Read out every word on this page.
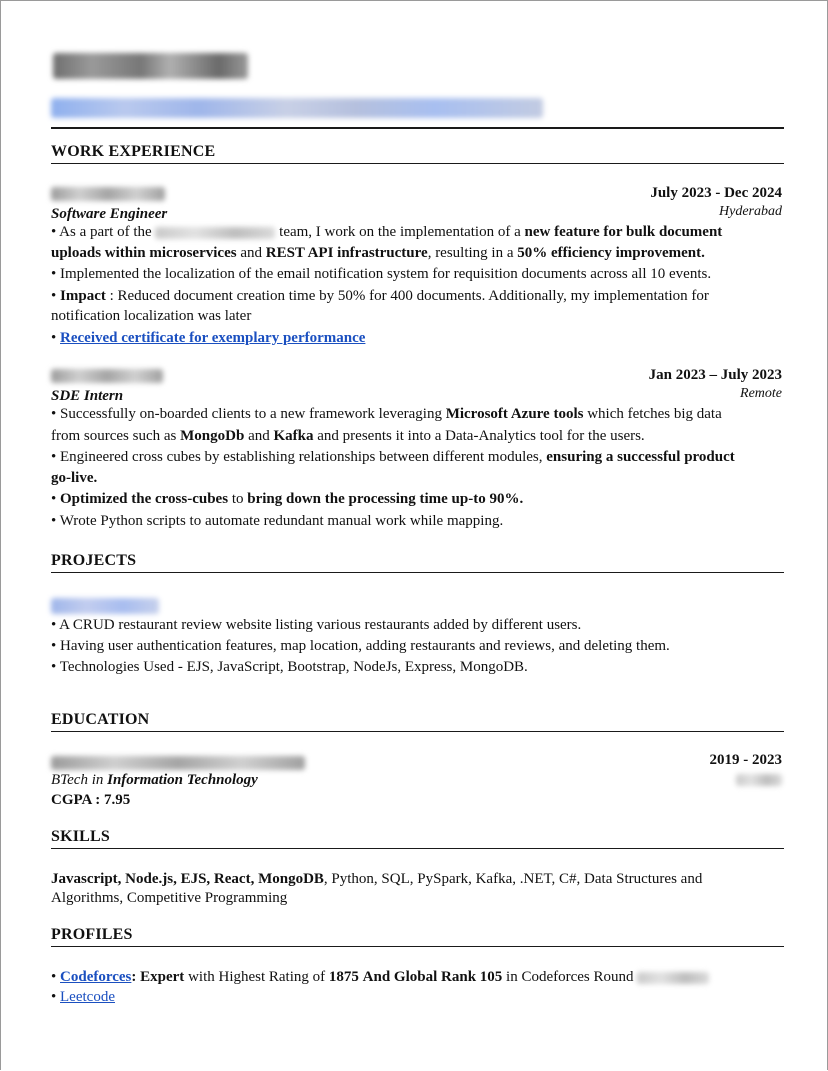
WORK EXPERIENCE
July 2023 - Dec 2024
Software Engineer	Hyderabad
• As a part of the	team, I work on the implementation of a new feature for bulk document
uploads within microservices and REST API infrastructure, resulting in a 50% efficiency improvement.
• Implemented the localization of the email notification system for requisition documents across all 10 events.
• Impact : Reduced document creation time by 50% for 400 documents. Additionally, my implementation for
notification localization was later
• Received certificate for exemplary performance
Jan 2023 – July 2023
SDE Intern	Remote
• Successfully on-boarded clients to a new framework leveraging Microsoft Azure tools which fetches big data
from sources such as MongoDb and Kafka and presents it into a Data-Analytics tool for the users.
• Engineered cross cubes by establishing relationships between different modules, ensuring a successful product
go-live.
• Optimized the cross-cubes to bring down the processing time up-to 90%.
• Wrote Python scripts to automate redundant manual work while mapping.
PROJECTS
• A CRUD restaurant review website listing various restaurants added by different users.
• Having user authentication features, map location, adding restaurants and reviews, and deleting them.
• Technologies Used - EJS, JavaScript, Bootstrap, NodeJs, Express, MongoDB.
EDUCATION
2019 - 2023
BTech in Information Technology
CGPA : 7.95
SKILLS
Javascript, Node.js, EJS, React, MongoDB, Python, SQL, PySpark, Kafka, .NET, C#, Data Structures and
Algorithms, Competitive Programming
PROFILES
• Codeforces: Expert with Highest Rating of 1875 And Global Rank 105 in Codeforces Round
• Leetcode
